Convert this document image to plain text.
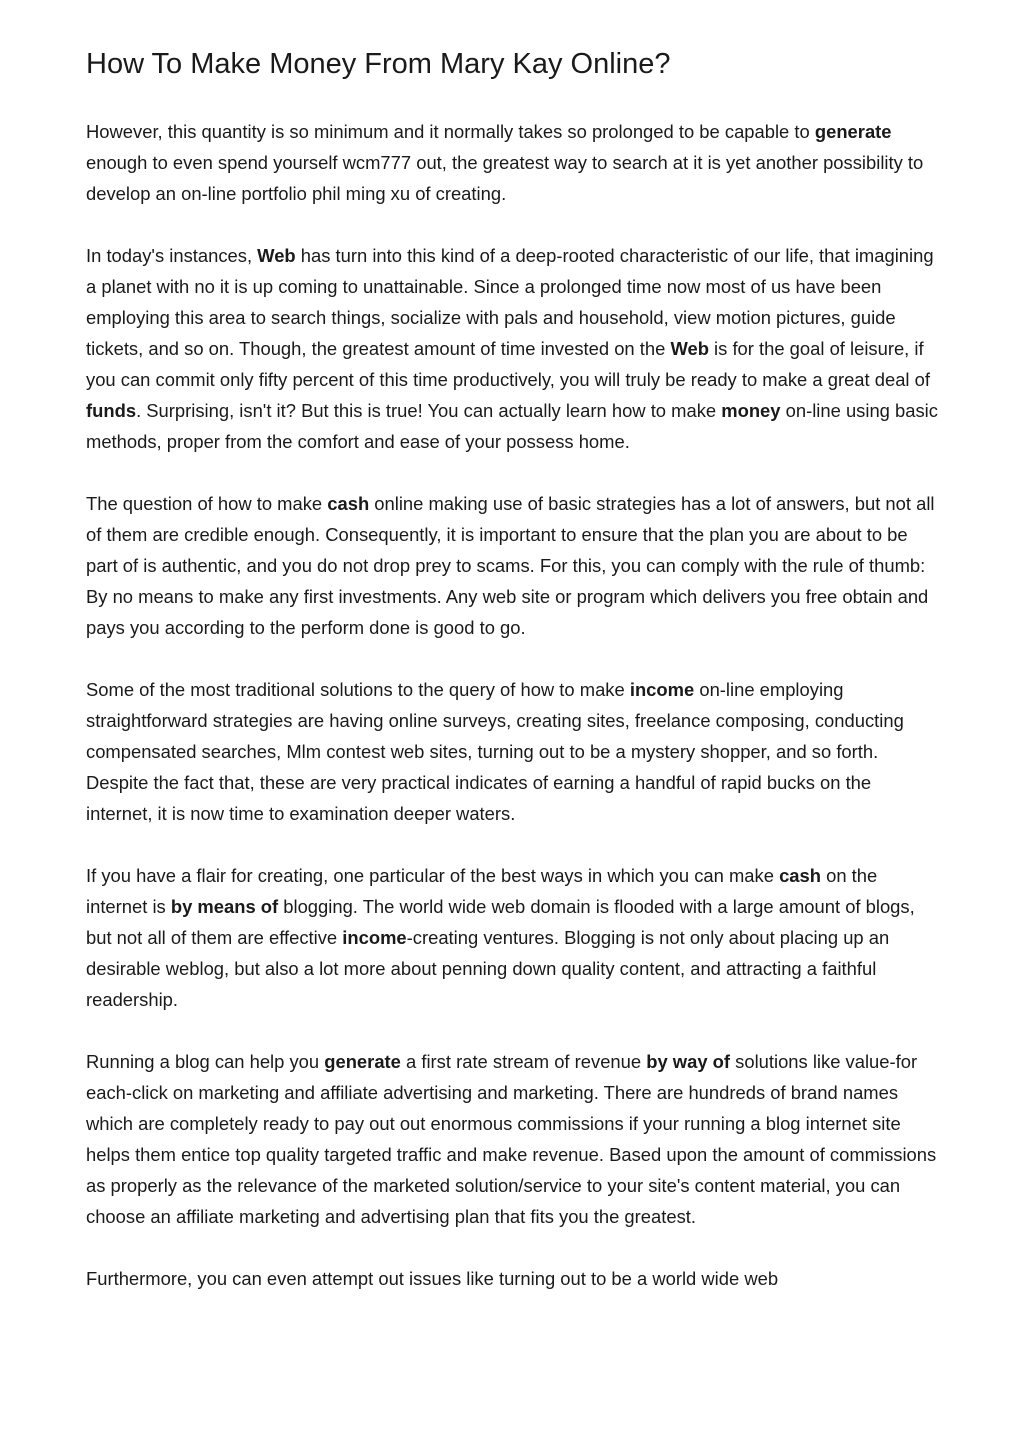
How To Make Money From Mary Kay Online?

However, this quantity is so minimum and it normally takes so prolonged to be capable to generate enough to even spend yourself wcm777 out, the greatest way to search at it is yet another possibility to develop an on-line portfolio phil ming xu of creating.

In today's instances, Web has turn into this kind of a deep-rooted characteristic of our life, that imagining a planet with no it is up coming to unattainable. Since a prolonged time now most of us have been employing this area to search things, socialize with pals and household, view motion pictures, guide tickets, and so on. Though, the greatest amount of time invested on the Web is for the goal of leisure, if you can commit only fifty percent of this time productively, you will truly be ready to make a great deal of funds. Surprising, isn't it? But this is true! You can actually learn how to make money on-line using basic methods, proper from the comfort and ease of your possess home.

The question of how to make cash online making use of basic strategies has a lot of answers, but not all of them are credible enough. Consequently, it is important to ensure that the plan you are about to be part of is authentic, and you do not drop prey to scams. For this, you can comply with the rule of thumb: By no means to make any first investments. Any web site or program which delivers you free obtain and pays you according to the perform done is good to go.

Some of the most traditional solutions to the query of how to make income on-line employing straightforward strategies are having online surveys, creating sites, freelance composing, conducting compensated searches, Mlm contest web sites, turning out to be a mystery shopper, and so forth. Despite the fact that, these are very practical indicates of earning a handful of rapid bucks on the internet, it is now time to examination deeper waters.

If you have a flair for creating, one particular of the best ways in which you can make cash on the internet is by means of blogging. The world wide web domain is flooded with a large amount of blogs, but not all of them are effective income-creating ventures. Blogging is not only about placing up an desirable weblog, but also a lot more about penning down quality content, and attracting a faithful readership.

Running a blog can help you generate a first rate stream of revenue by way of solutions like value-for each-click on marketing and affiliate advertising and marketing. There are hundreds of brand names which are completely ready to pay out out enormous commissions if your running a blog internet site helps them entice top quality targeted traffic and make revenue. Based upon the amount of commissions as properly as the relevance of the marketed solution/service to your site's content material, you can choose an affiliate marketing and advertising plan that fits you the greatest.

Furthermore, you can even attempt out issues like turning out to be a world wide web
